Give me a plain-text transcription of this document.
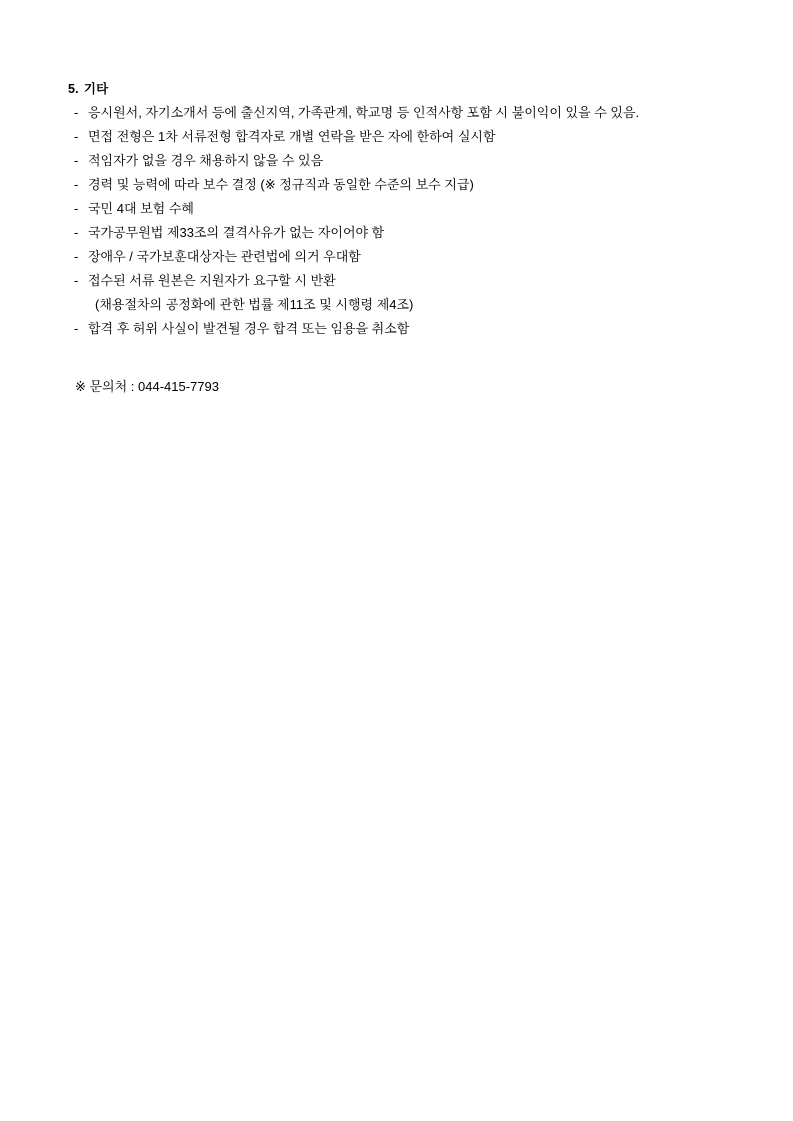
5. 기타
- 응시원서, 자기소개서 등에 출신지역, 가족관계, 학교명 등 인적사항 포함 시 불이익이 있을 수 있음.
- 면접 전형은 1차 서류전형 합격자로 개별 연락을 받은 자에 한하여 실시함
- 적임자가 없을 경우 채용하지 않을 수 있음
- 경력 및 능력에 따라 보수 결정 (※ 정규직과 동일한 수준의 보수 지급)
- 국민 4대 보험 수혜
- 국가공무원법 제33조의 결격사유가 없는 자이어야 함
- 장애우 / 국가보훈대상자는 관련법에 의거 우대함
- 접수된 서류 원본은 지원자가 요구할 시 반환
(채용절차의 공정화에 관한 법률 제11조 및 시행령 제4조)
- 합격 후 허위 사실이 발견될 경우 합격 또는 임용을 취소함
※ 문의처 : 044-415-7793
